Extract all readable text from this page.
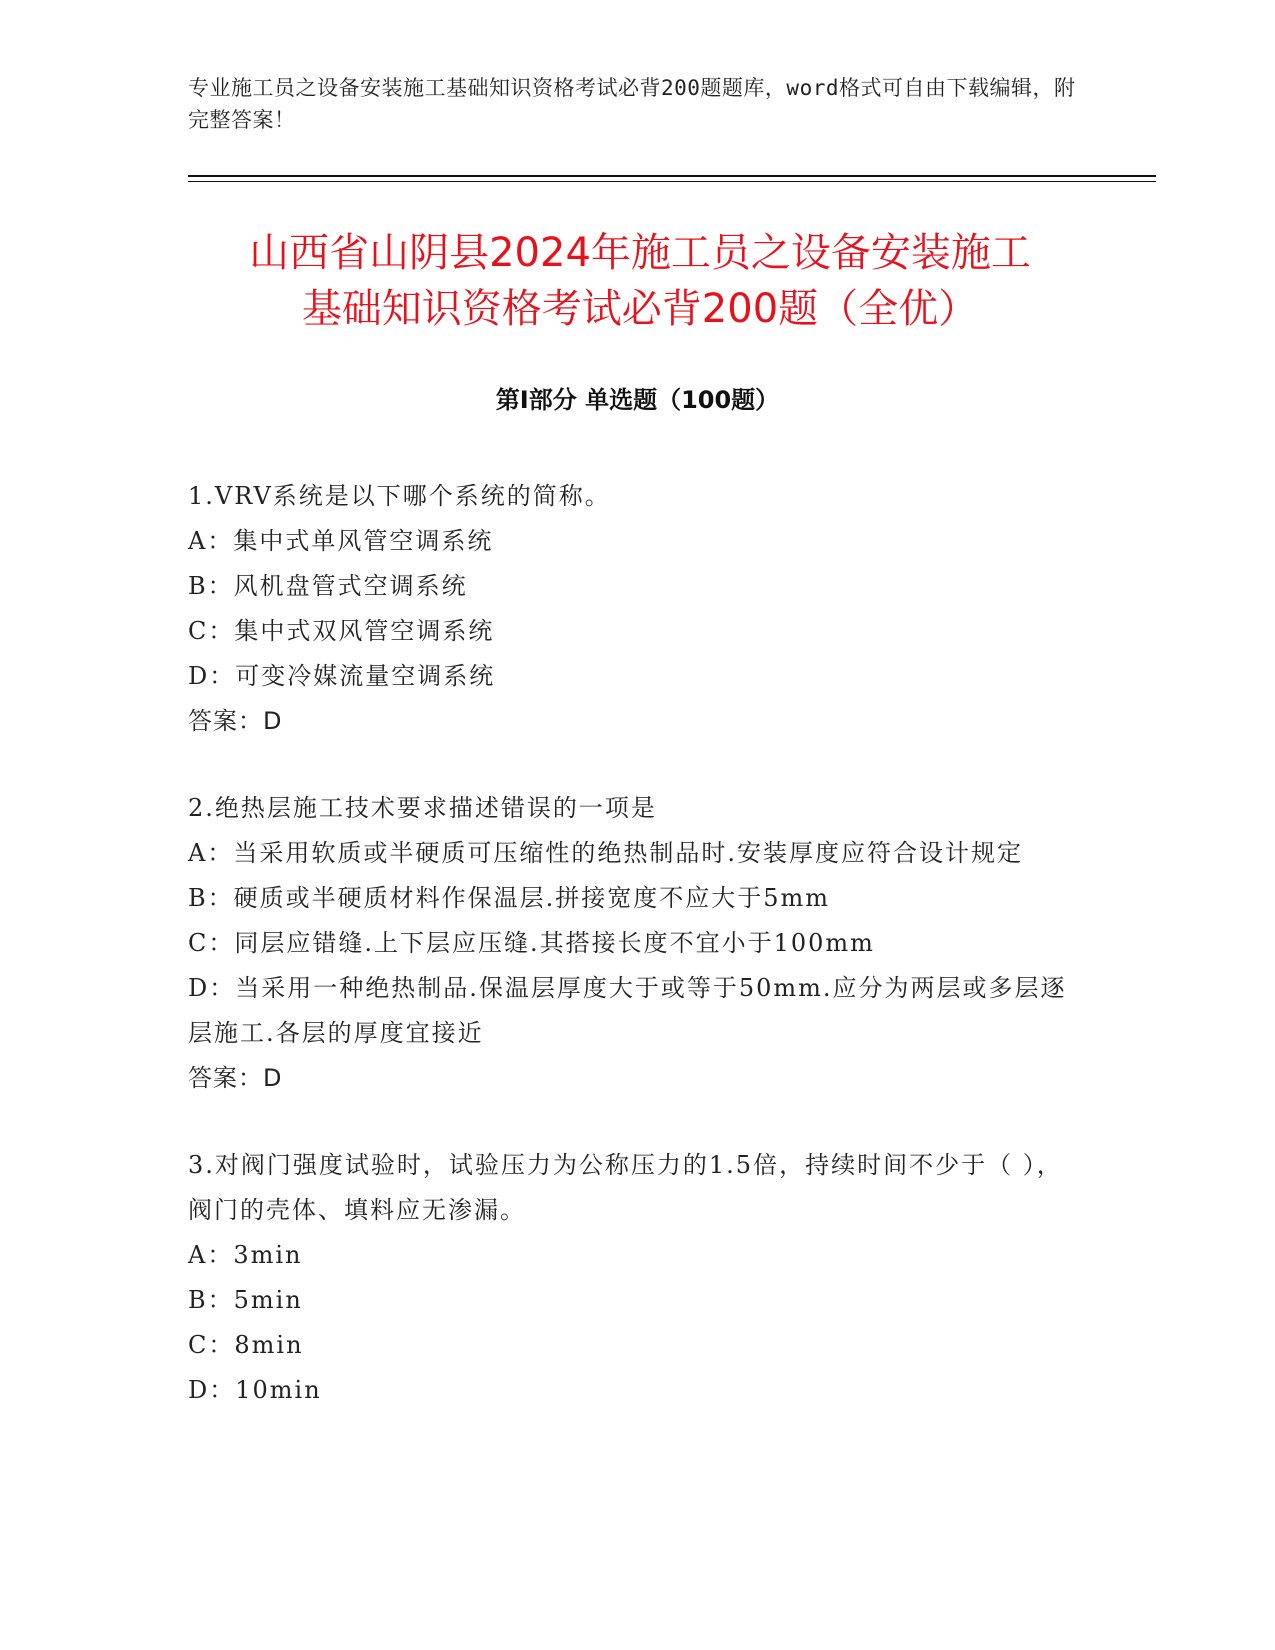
专业施工员之设备安装施工基础知识资格考试必背200题题库，word格式可自由下载编辑，附完整答案！
山西省山阴县2024年施工员之设备安装施工
基础知识资格考试必背200题（全优）
第Ⅰ部分 单选题（100题）

1.VRV系统是以下哪个系统的简称。

A：集中式单风管空调系统

B：风机盘管式空调系统

C：集中式双风管空调系统

D：可变冷媒流量空调系统

答案：D

2.绝热层施工技术要求描述错误的一项是

A：当采用软质或半硬质可压缩性的绝热制品时.安装厚度应符合设计规定

B：硬质或半硬质材料作保温层.拼接宽度不应大于5mm

C：同层应错缝.上下层应压缝.其搭接长度不宜小于100mm

D：当采用一种绝热制品.保温层厚度大于或等于50mm.应分为两层或多层逐层施工.各层的厚度宜接近

答案：D

3.对阀门强度试验时，试验压力为公称压力的1.5倍，持续时间不少于（ ），阀门的壳体、填料应无渗漏。

A：3min

B：5min

C：8min

D：10min
